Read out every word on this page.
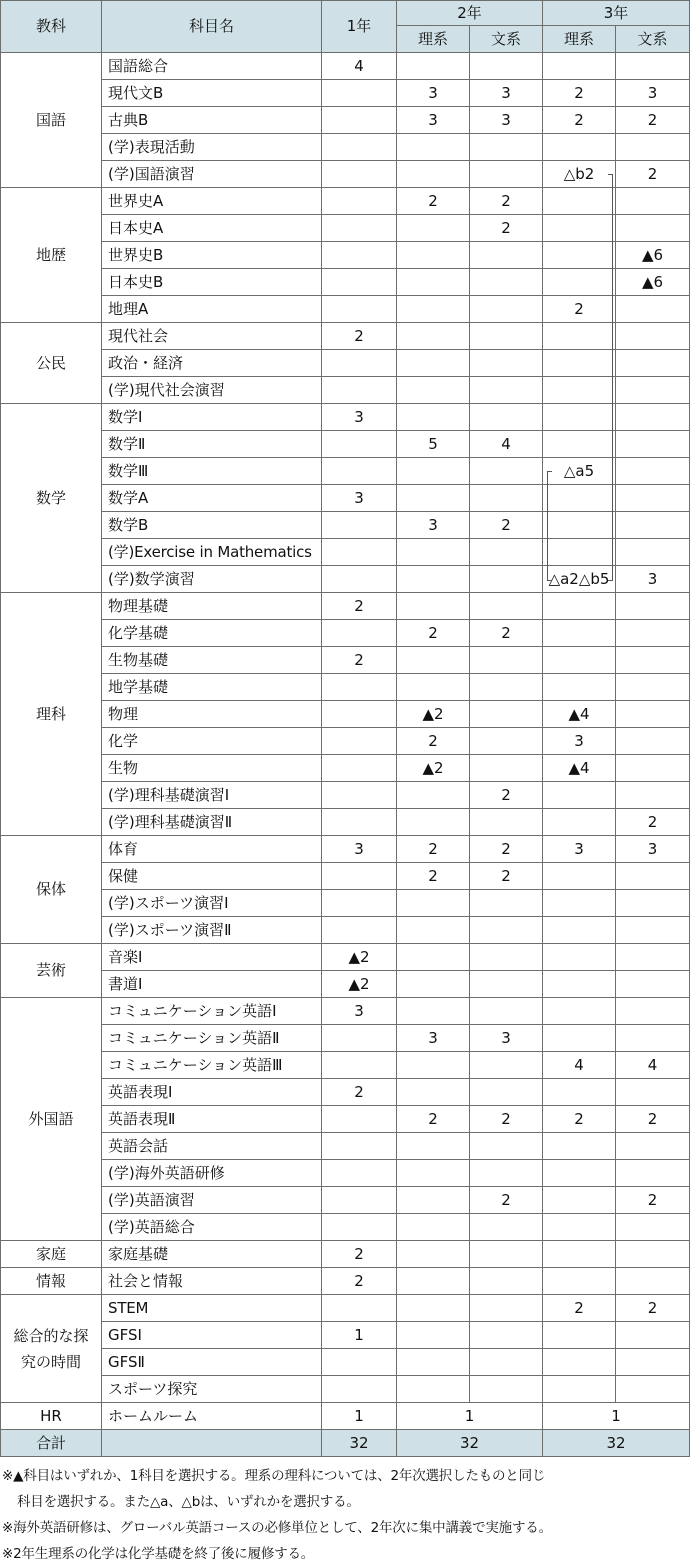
教科	科目名	1年	2年		3年	
			理系	文系	理系	文系
国語	国語総合	4				
	現代文B		3	3	2	3
	古典B		3	3	2	2
	(学)表現活動					
	(学)国語演習				△b2	2
地歴	世界史A		2	2		
	日本史A			2		
	世界史B					▲6
	日本史B					▲6
	地理A				2	
公民	現代社会	2				
	政治・経済					
	(学)現代社会演習					
数学	数学Ⅰ	3				
	数学Ⅱ		5	4		
	数学Ⅲ				△a5	
	数学A	3				
	数学B		3	2		
	(学)Exercise in Mathematics					
	(学)数学演習				△a2△b5	3
理科	物理基礎	2				
	化学基礎		2	2		
	生物基礎	2				
	地学基礎					
	物理		▲2		▲4	
	化学		2		3	
	生物		▲2		▲4	
	(学)理科基礎演習Ⅰ			2		
	(学)理科基礎演習Ⅱ					2
保体	体育	3	2	2	3	3
	保健		2	2		
	(学)スポーツ演習Ⅰ					
	(学)スポーツ演習Ⅱ					
芸術	音楽Ⅰ	▲2				
	書道Ⅰ	▲2				
外国語	コミュニケーション英語Ⅰ	3				
	コミュニケーション英語Ⅱ		3	3		
	コミュニケーション英語Ⅲ				4	4
	英語表現Ⅰ	2				
	英語表現Ⅱ		2	2	2	2
	英語会話					
	(学)海外英語研修					
	(学)英語演習			2		2
	(学)英語総合					
家庭	家庭基礎	2				
情報	社会と情報	2				
総合的な探究の時間	STEM				2	2
	GFSⅠ	1				
	GFSⅡ					
	スポーツ探究					
HR	ホームルーム	1	1		1	
合計		32	32		32	
※▲科目はいずれか、1科目を選択する。理系の理科については、2年次選択したものと同じ
科目を選択する。また△a、△bは、いずれかを選択する。
※海外英語研修は、グローバル英語コースの必修単位として、2年次に集中講義で実施する。
※2年生理系の化学は化学基礎を終了後に履修する。
